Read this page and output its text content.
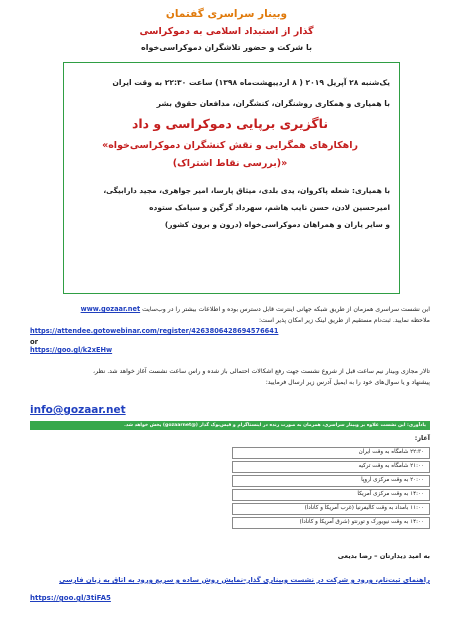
وبینار سراسری گفتمان
گذار از استبداد اسلامی به دموکراسی
با شرکت و حضور تلاشگران دموکراسی‌خواه
یک‌شنبه ۲۸ آپریل ۲۰۱۹ ( ۸ اردیبهشت‌ماه ۱۳۹۸) ساعت ۲۲:۳۰ به وقت ایران
با همیاری و همکاری روشنگران، کنشگران، مدافعان حقوق بشر
ناگزیری برپایی دموکراسی و داد
«راهکارهای همگرایی و نقش کنشگران دموکراسی‌خواه
(بررسی نقاط اشتراک)»
با همیاری: شعله پاکروان، یدی بلدی، میثاق پارسا، امیر جواهری، مجید دارابیگی،
امیرحسین لادن، حسن نایب هاشم، سهرداد گرگین و سیامک ستوده
و سایر یاران و همراهان دموکراسی‌خواه (درون و برون کشور)
این نشست سراسری همزمان از طریق شبکه جهانی اینترنت قابل دسترس بوده و اطلاعات بیشتر را در وب‌سایت www.gozaar.net
ملاحظه نمایید. ثبت‌نام مستقیم از طریق لینک زیر امکان پذیر است:
https://attendee.gotowebinar.com/register/4263806428694576641
or
https://goo.gl/k2xEHw
تالار مجازی وبینار نیم ساعت قبل از شروع نشست جهت رفع اشکالات احتمالی باز شده و راس ساعت نشست آغاز خواهد شد. نظر،
پیشنهاد و یا سوال‌های خود را به ایمیل آدرس زیر ارسال فرمایید:
info@gozaar.net
یادآوری: این نشست علاوه بر وبینار سراسری، همزمان به صورت زنده در اینستاگرام و فیس‌بوک گذار (@gozaarnet) پخش خواهد شد.
آغاز:
۲۲:۳۰ شامگاه به وقت ایران
۲۱:۰۰ شامگاه به وقت ترکیه
۲۰:۰۰ به وقت مرکزی اروپا
۱۴:۰۰ به وقت مرکزی آمریکا
۱۱:۰۰ بامداد به وقت کالیفرنیا (غرب آمریکا و کانادا)
۱۴:۰۰ به وقت نیویورک و تورنتو (شرق آمریکا و کانادا)
به امید دیدارتان – رضا بدیعی
راهنمای ثبت‌نام، ورود و شرکت در نشست وبیناری گذار–نمایش روش ساده و سریع ورود به اتاق به زبان فارسی
https://goo.gl/3tiFA5
